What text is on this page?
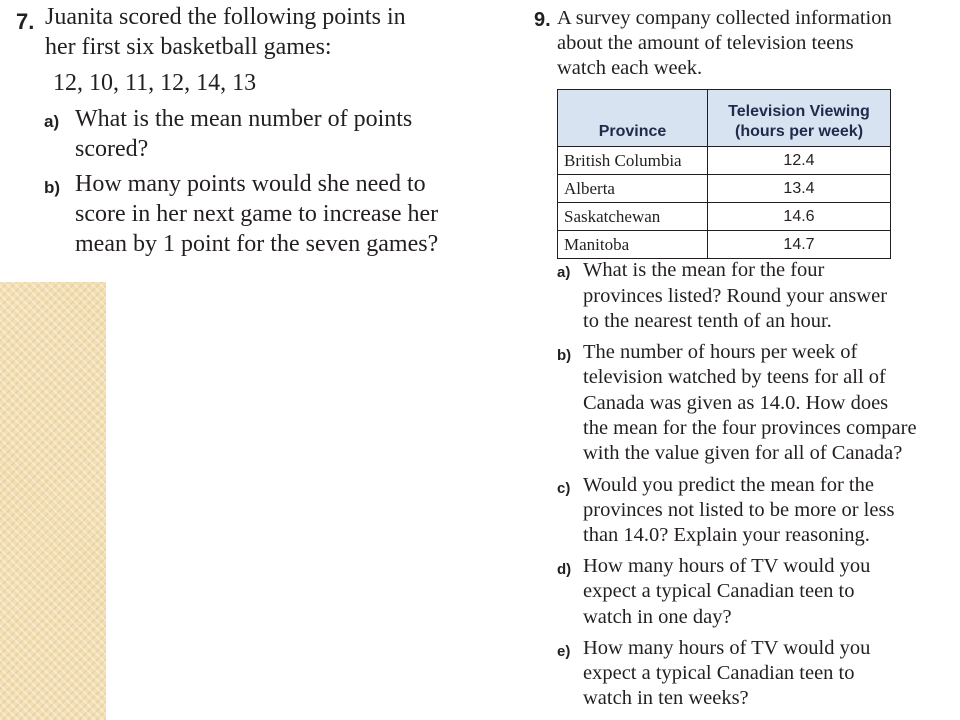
7. Juanita scored the following points in
her first six basketball games:
12, 10, 11, 12, 14, 13
a) What is the mean number of points
scored?
b) How many points would she need to
score in her next game to increase her
mean by 1 point for the seven games?
9. A survey company collected information
about the amount of television teens
watch each week.
Province	Television Viewing
(hours per week)

British Columbia	12.4
Alberta	13.4
Saskatchewan	14.6
Manitoba	14.7
a) What is the mean for the four
provinces listed? Round your answer
to the nearest tenth of an hour.
b) The number of hours per week of
television watched by teens for all of
Canada was given as 14.0. How does
the mean for the four provinces compare
with the value given for all of Canada?
c) Would you predict the mean for the
provinces not listed to be more or less
than 14.0? Explain your reasoning.
d) How many hours of TV would you
expect a typical Canadian teen to
watch in one day?
e) How many hours of TV would you
expect a typical Canadian teen to
watch in ten weeks?
